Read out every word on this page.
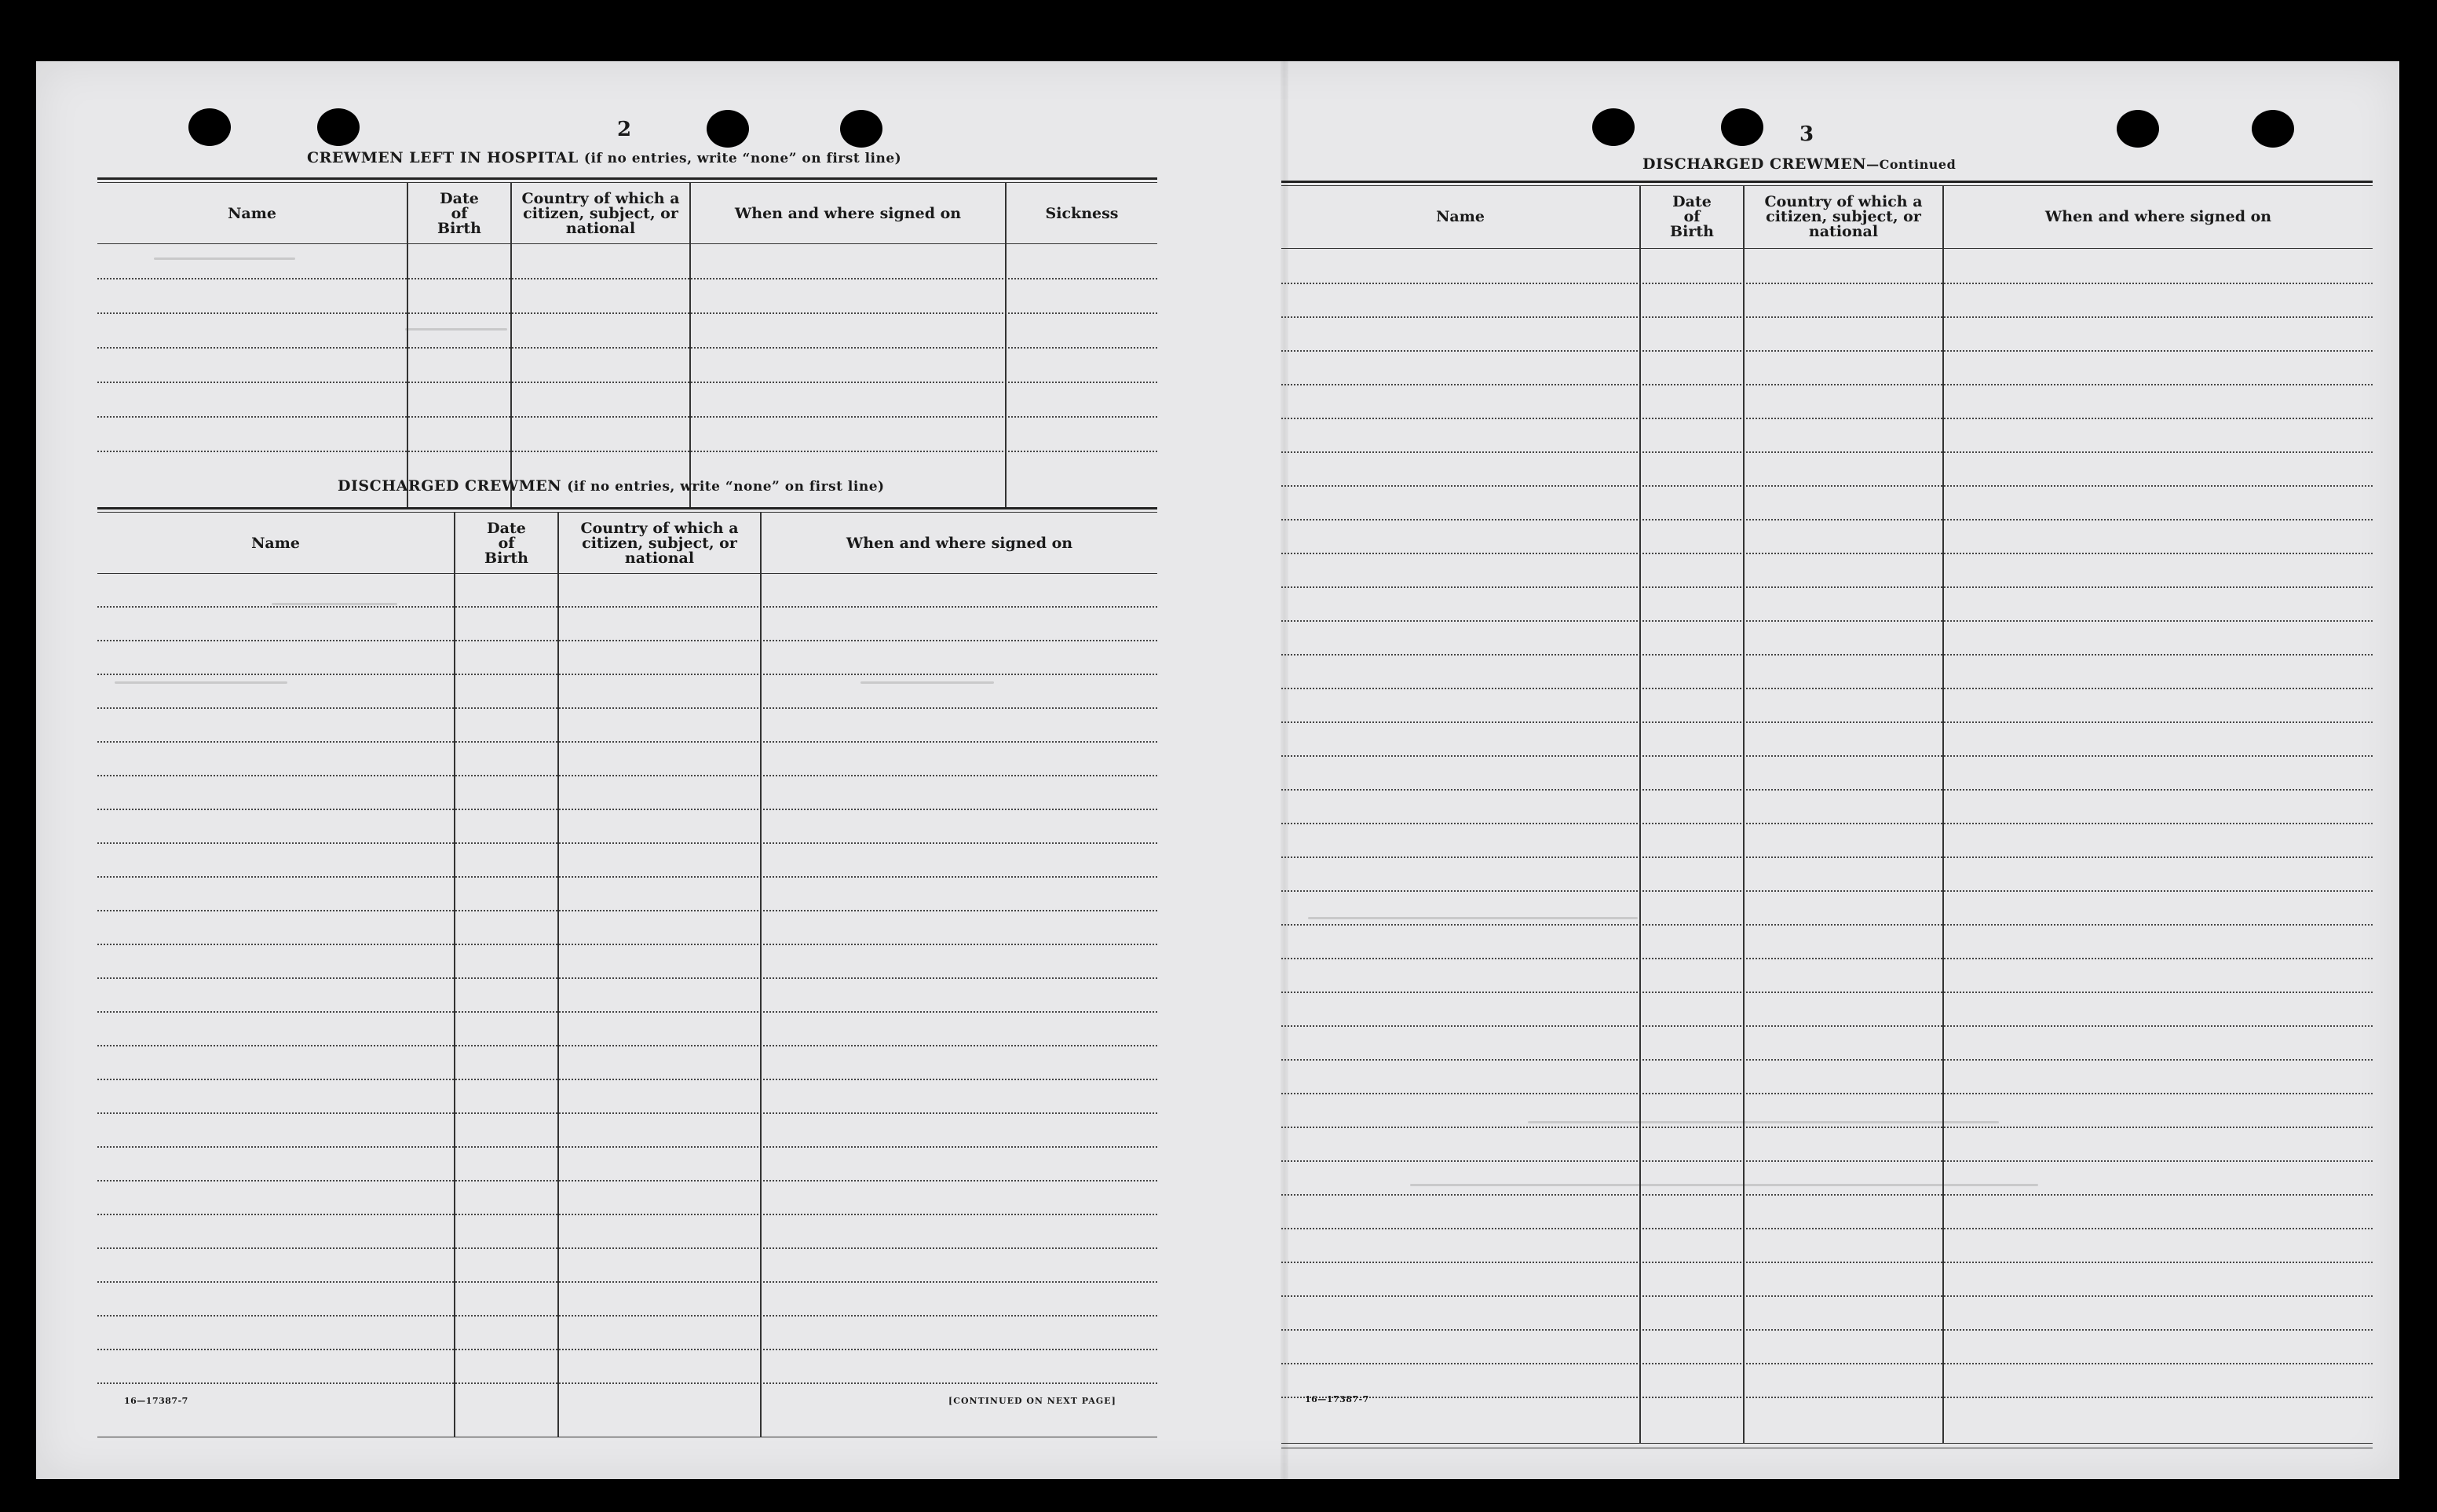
2
CREWMEN LEFT IN HOSPITAL (if no entries, write “none” on first line)
Name
Date
of
Birth
Country of which a
citizen, subject, or
national
When and where signed on	Sickness
DISCHARGED CREWMEN (if no entries, write “none” on first line)
Name
Date
of
Birth
Country of which a
citizen, subject, or
national
When and where signed on
16—17387-7	[CONTINUED ON NEXT PAGE]
3
DISCHARGED CREWMEN—Continued
Name
Date
of
Birth
Country of which a
citizen, subject, or
national
When and where signed on
16—17387-7
